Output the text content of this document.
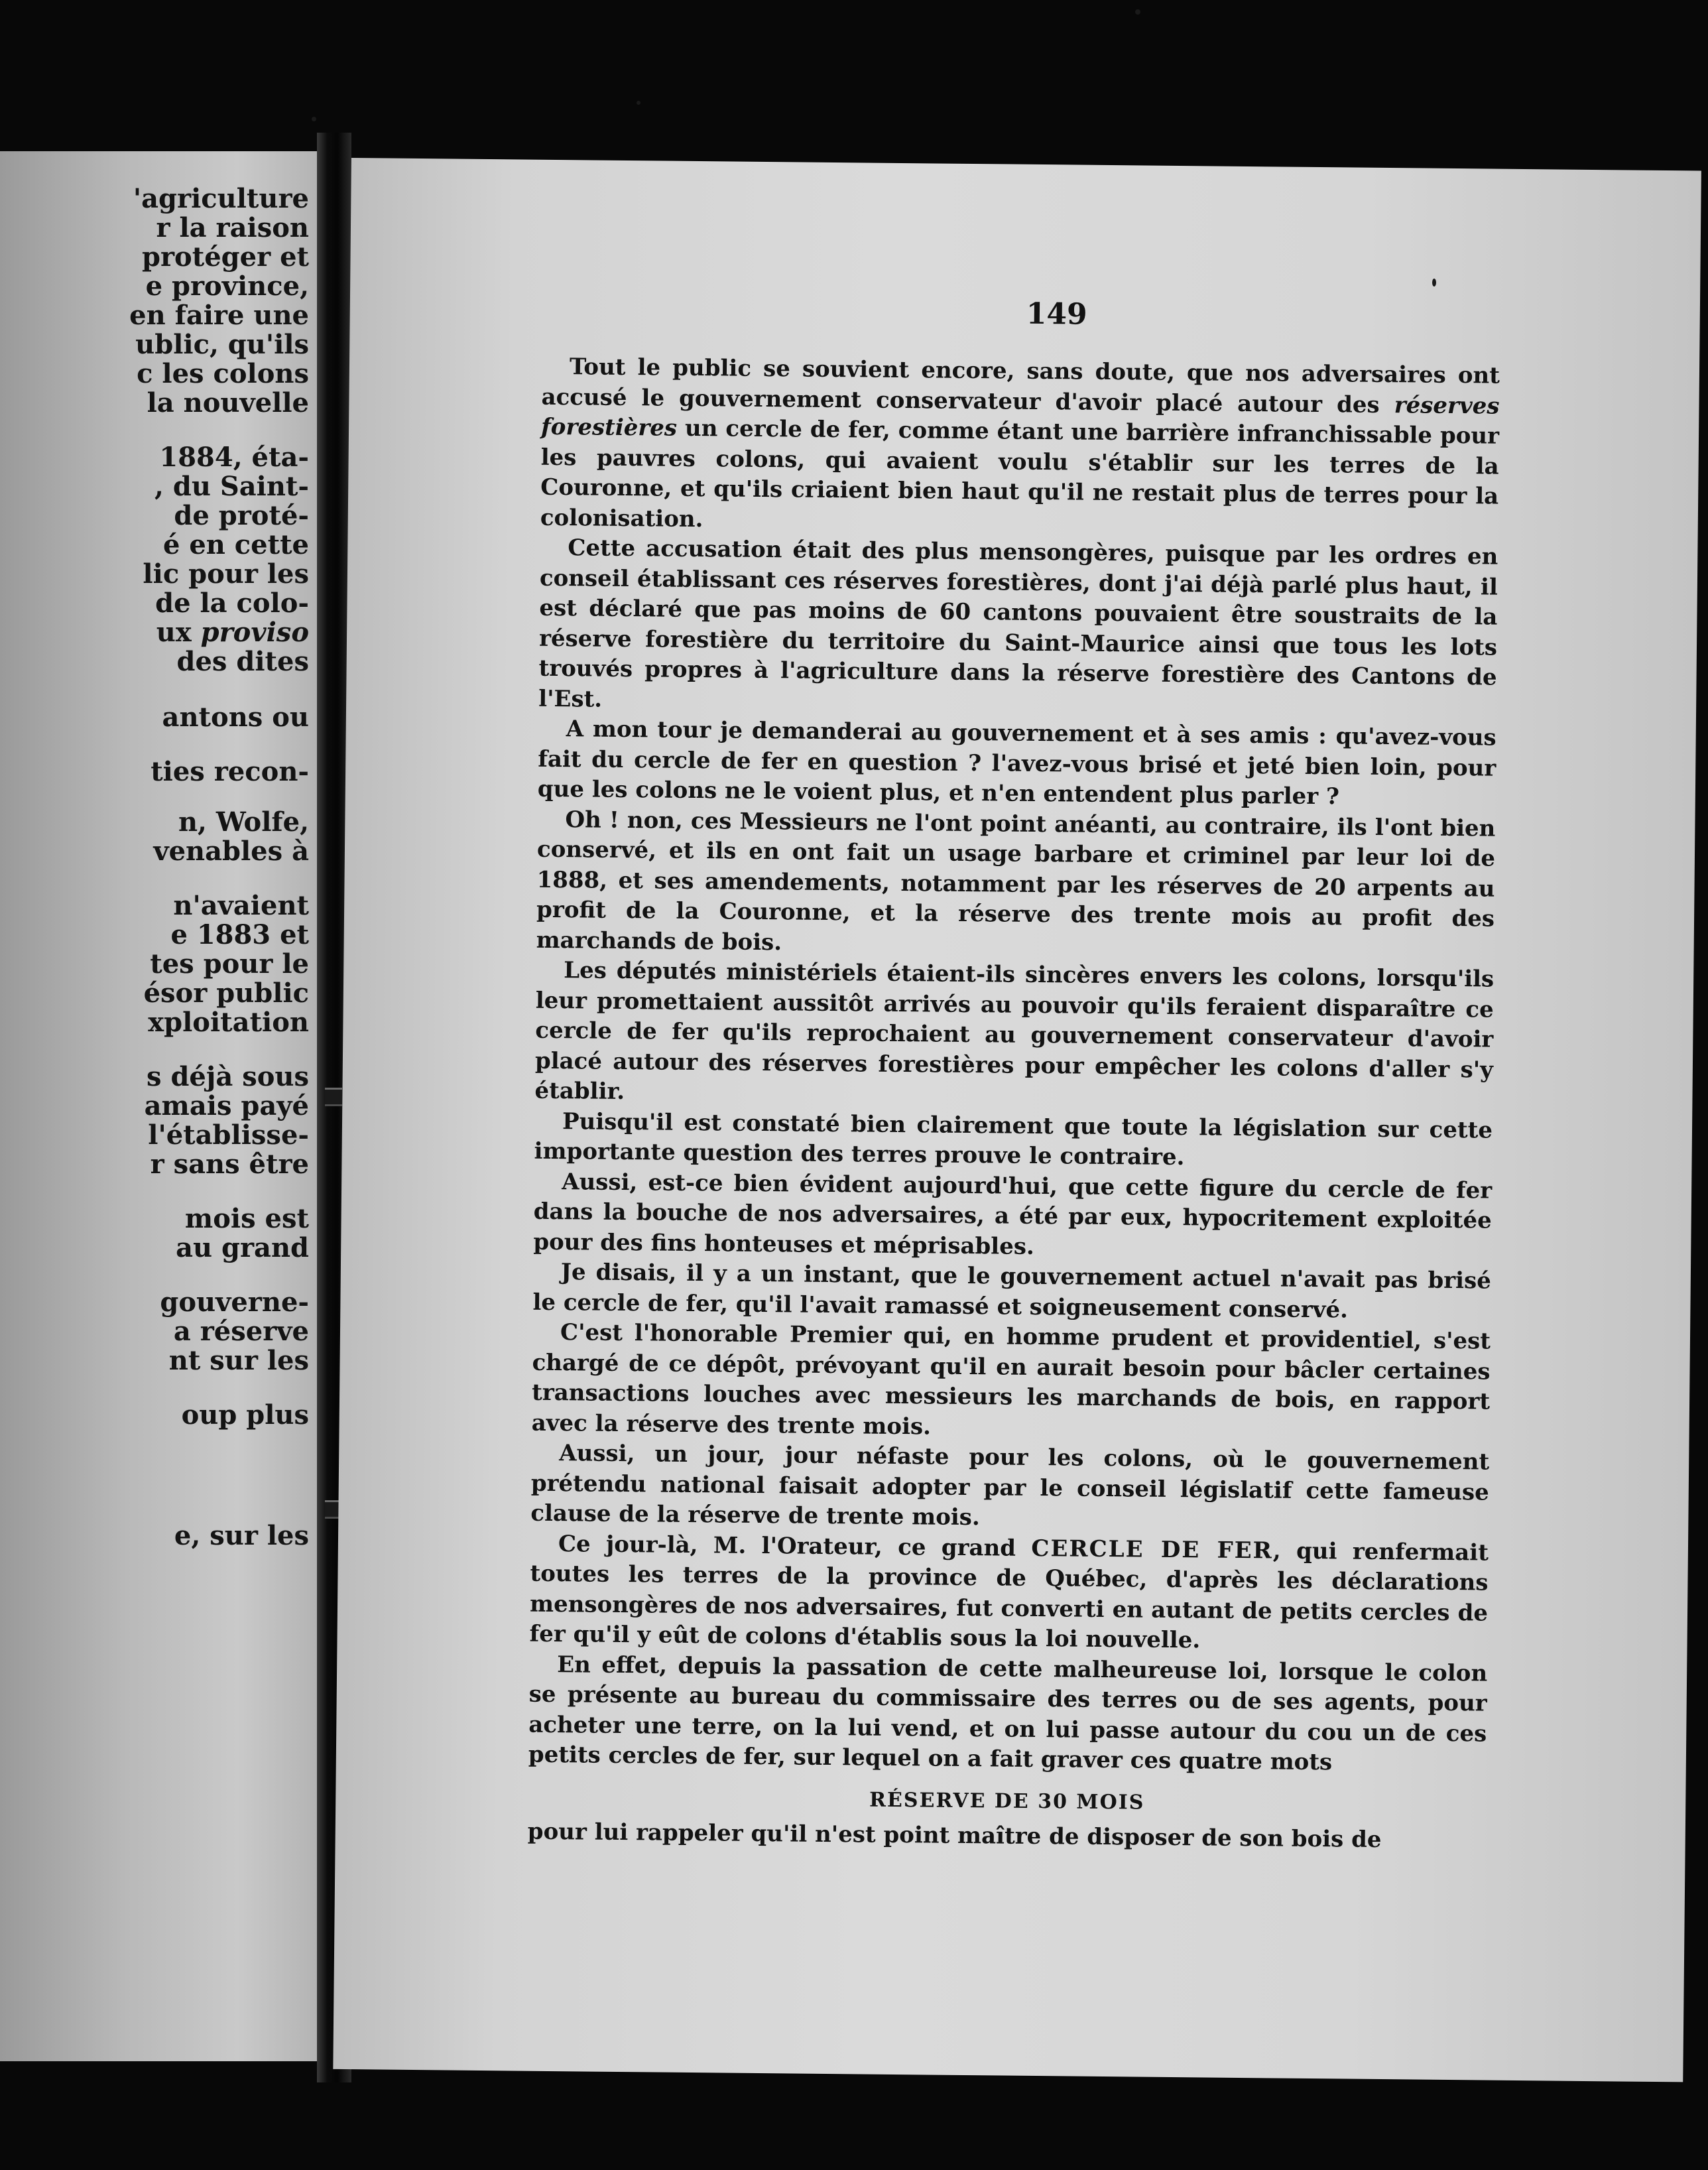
'agriculture

r la raison

protéger et

e province,

en faire une

ublic, qu'ils

c les colons

la nouvelle

1884, éta-

, du Saint-

de proté-

é en cette

lic pour les

de la colo-

ux proviso

des dites

antons ou

ties recon-

n, Wolfe,

venables à

n'avaient

e 1883 et

tes pour le

ésor public

xploitation

s déjà sous

amais payé

l'établisse-

r sans être

mois est

au grand

gouverne-

a réserve

nt sur les

oup plus

e, sur les

149

Tout le public se souvient encore, sans doute, que nos adversaires ont accusé le gouvernement conservateur d'avoir placé autour des réserves forestières un cercle de fer, comme étant une barrière infranchissable pour les pauvres colons, qui avaient voulu s'établir sur les terres de la Couronne, et qu'ils criaient bien haut qu'il ne restait plus de terres pour la colonisation.

Cette accusation était des plus mensongères, puisque par les ordres en conseil établissant ces réserves forestières, dont j'ai déjà parlé plus haut, il est déclaré que pas moins de 60 cantons pouvaient être soustraits de la réserve forestière du territoire du Saint-Maurice ainsi que tous les lots trouvés propres à l'agriculture dans la réserve forestière des Cantons de l'Est.

A mon tour je demanderai au gouvernement et à ses amis : qu'avez-vous fait du cercle de fer en question ? l'avez-vous brisé et jeté bien loin, pour que les colons ne le voient plus, et n'en entendent plus parler ?

Oh ! non, ces Messieurs ne l'ont point anéanti, au contraire, ils l'ont bien conservé, et ils en ont fait un usage barbare et criminel par leur loi de 1888, et ses amendements, notamment par les réserves de 20 arpents au profit de la Couronne, et la réserve des trente mois au profit des marchands de bois.

Les députés ministériels étaient-ils sincères envers les colons, lorsqu'ils leur promettaient aussitôt arrivés au pouvoir qu'ils feraient disparaître ce cercle de fer qu'ils reprochaient au gouvernement conservateur d'avoir placé autour des réserves forestières pour empêcher les colons d'aller s'y établir.

Puisqu'il est constaté bien clairement que toute la législation sur cette importante question des terres prouve le contraire.

Aussi, est-ce bien évident aujourd'hui, que cette figure du cercle de fer dans la bouche de nos adversaires, a été par eux, hypocritement exploitée pour des fins honteuses et méprisables.

Je disais, il y a un instant, que le gouvernement actuel n'avait pas brisé le cercle de fer, qu'il l'avait ramassé et soigneusement conservé.

C'est l'honorable Premier qui, en homme prudent et providentiel, s'est chargé de ce dépôt, prévoyant qu'il en aurait besoin pour bâcler certaines transactions louches avec messieurs les marchands de bois, en rapport avec la réserve des trente mois.

Aussi, un jour, jour néfaste pour les colons, où le gouvernement prétendu national faisait adopter par le conseil législatif cette fameuse clause de la réserve de trente mois.

Ce jour-là, M. l'Orateur, ce grand CERCLE DE FER, qui renfermait toutes les terres de la province de Québec, d'après les déclarations mensongères de nos adversaires, fut converti en autant de petits cercles de fer qu'il y eût de colons d'établis sous la loi nouvelle.

En effet, depuis la passation de cette malheureuse loi, lorsque le colon se présente au bureau du commissaire des terres ou de ses agents, pour acheter une terre, on la lui vend, et on lui passe autour du cou un de ces petits cercles de fer, sur lequel on a fait graver ces quatre mots

RÉSERVE DE 30 MOIS

pour lui rappeler qu'il n'est point maître de disposer de son bois de
